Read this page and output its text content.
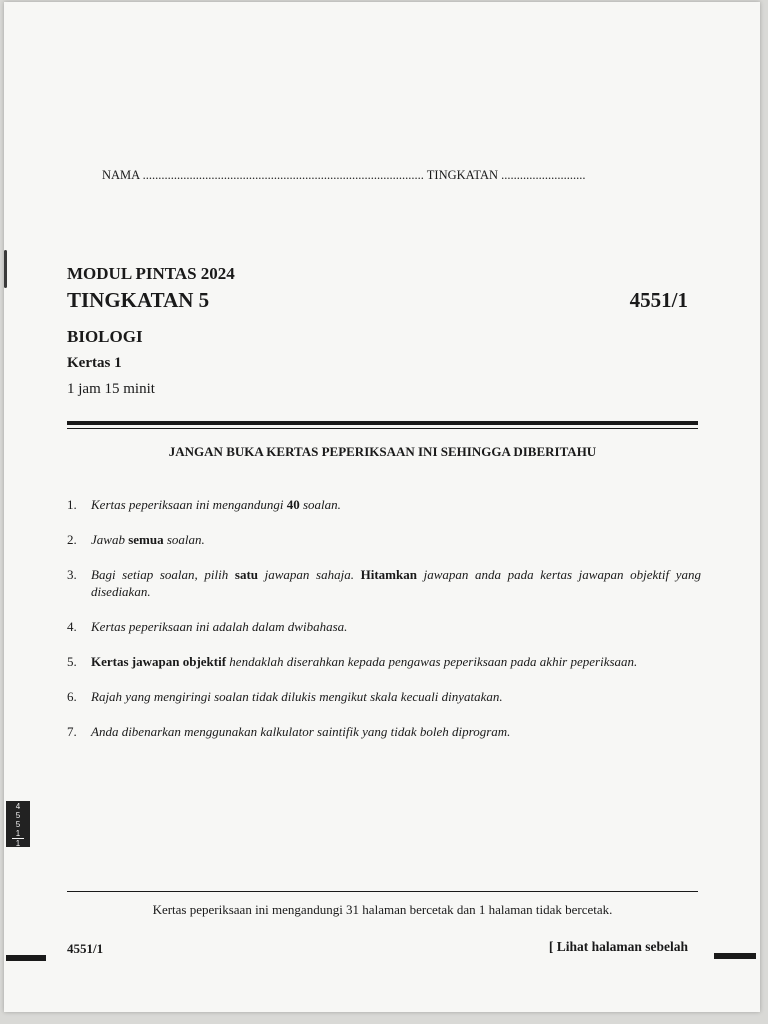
NAMA .......................................................................................... TINGKATAN ...........................
MODUL PINTAS 2024
TINGKATAN 5	4551/1
BIOLOGI
Kertas 1
1 jam 15 minit
JANGAN BUKA KERTAS PEPERIKSAAN INI SEHINGGA DIBERITAHU
1. Kertas peperiksaan ini mengandungi 40 soalan.
2. Jawab semua soalan.
3. Bagi setiap soalan, pilih satu jawapan sahaja. Hitamkan jawapan anda pada kertas jawapan objektif yang disediakan.
4. Kertas peperiksaan ini adalah dalam dwibahasa.
5. Kertas jawapan objektif hendaklah diserahkan kepada pengawas peperiksaan pada akhir peperiksaan.
6. Rajah yang mengiringi soalan tidak dilukis mengikut skala kecuali dinyatakan.
7. Anda dibenarkan menggunakan kalkulator saintifik yang tidak boleh diprogram.
Kertas peperiksaan ini mengandungi 31 halaman bercetak dan 1 halaman tidak bercetak.
4551/1	[ Lihat halaman sebelah
4
5
5
1
1
